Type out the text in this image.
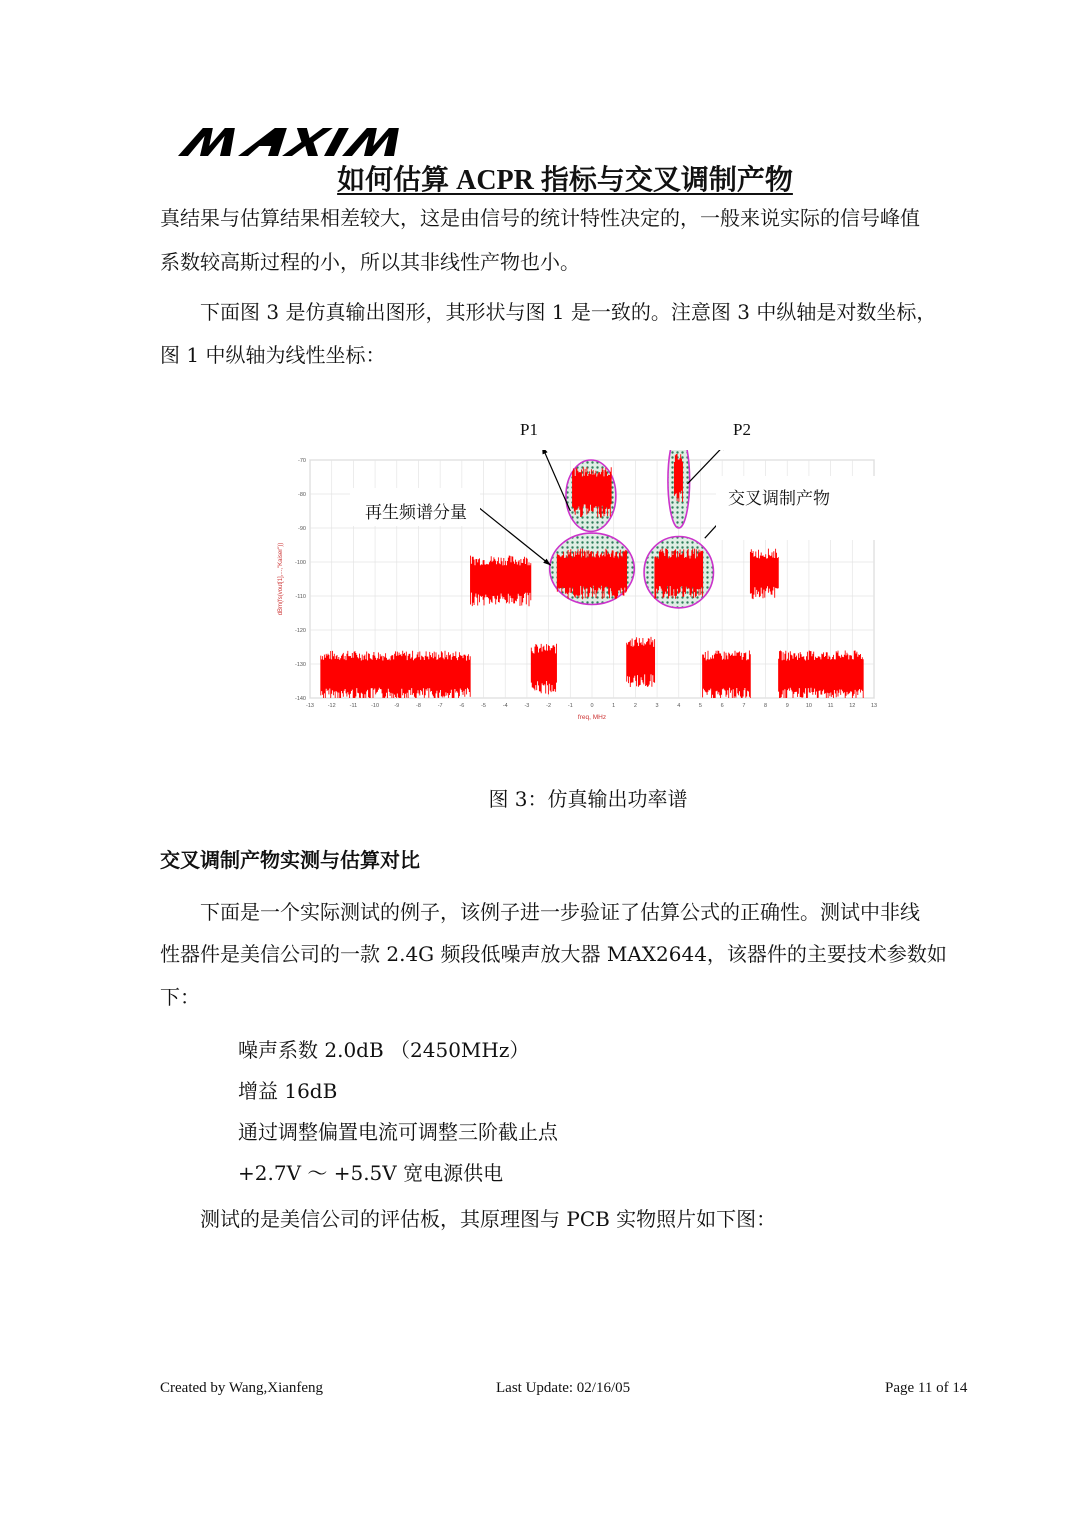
MAXIM
如何估算 ACPR 指标与交叉调制产物

真结果与估算结果相差较大，这是由信号的统计特性决定的，一般来说实际的信号峰值

系数较高斯过程的小，所以其非线性产物也小。

下面图 3 是仿真输出图形，其形状与图 1 是一致的。注意图 3 中纵轴是对数坐标，

图 1 中纵轴为线性坐标：

P1	P2
-13 -12	-11	-10	-9	-8	-7	-6	-5	-4	-3	-2	-1	0	1	2	3	4	5	6	7	8	9	10	11	12	13
-70
-80
-90
-100
-110
-120
-130
-140
freq, MHz
dBm(fs(vout[1],...,"Kaiser"))
再生频谱分量
交叉调制产物
图 3：仿真输出功率谱
交叉调制产物实测与估算对比

下面是一个实际测试的例子，该例子进一步验证了估算公式的正确性。测试中非线

性器件是美信公司的一款 2.4G 频段低噪声放大器 MAX2644，该器件的主要技术参数如

下：

噪声系数 2.0dB （2450MHz）
增益 16dB
通过调整偏置电流可调整三阶截止点
+2.7V ～ +5.5V 宽电源供电

测试的是美信公司的评估板，其原理图与 PCB 实物照片如下图：

Created by Wang,Xianfeng	Last Update: 02/16/05	Page 11 of 14
